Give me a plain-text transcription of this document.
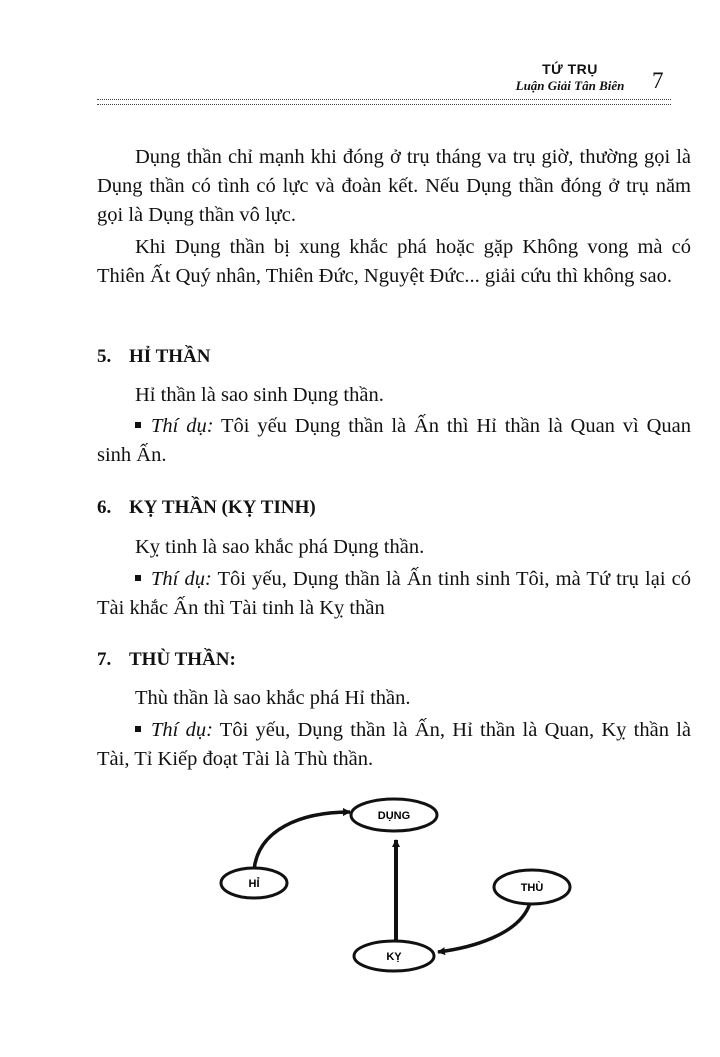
TỨ TRỤ
Luận Giải Tân Biên	7

Dụng thần chỉ mạnh khi đóng ở trụ tháng va trụ giờ, thường gọi là Dụng thần có tình có lực và đoàn kết. Nếu Dụng thần đóng ở trụ năm gọi là Dụng thần vô lực.

Khi Dụng thần bị xung khắc phá hoặc gặp Không vong mà có Thiên Ất Quý nhân, Thiên Đức, Nguyệt Đức... giải cứu thì không sao.

5. HỈ THẦN
Hỉ thần là sao sinh Dụng thần.

Thí dụ: Tôi yếu Dụng thần là Ấn thì Hỉ thần là Quan vì Quan sinh Ấn.

6. KỴ THẦN (KỴ TINH)
Kỵ tinh là sao khắc phá Dụng thần.

Thí dụ: Tôi yếu, Dụng thần là Ấn tinh sinh Tôi, mà Tứ trụ lại có Tài khắc Ấn thì Tài tinh là Kỵ thần

7. THÙ THẦN:
Thù thần là sao khắc phá Hỉ thần.

Thí dụ: Tôi yếu, Dụng thần là Ấn, Hỉ thần là Quan, Kỵ thần là Tài, Tỉ Kiếp đoạt Tài là Thù thần.

DỤNG
HỈ	THÙ
KỴ
